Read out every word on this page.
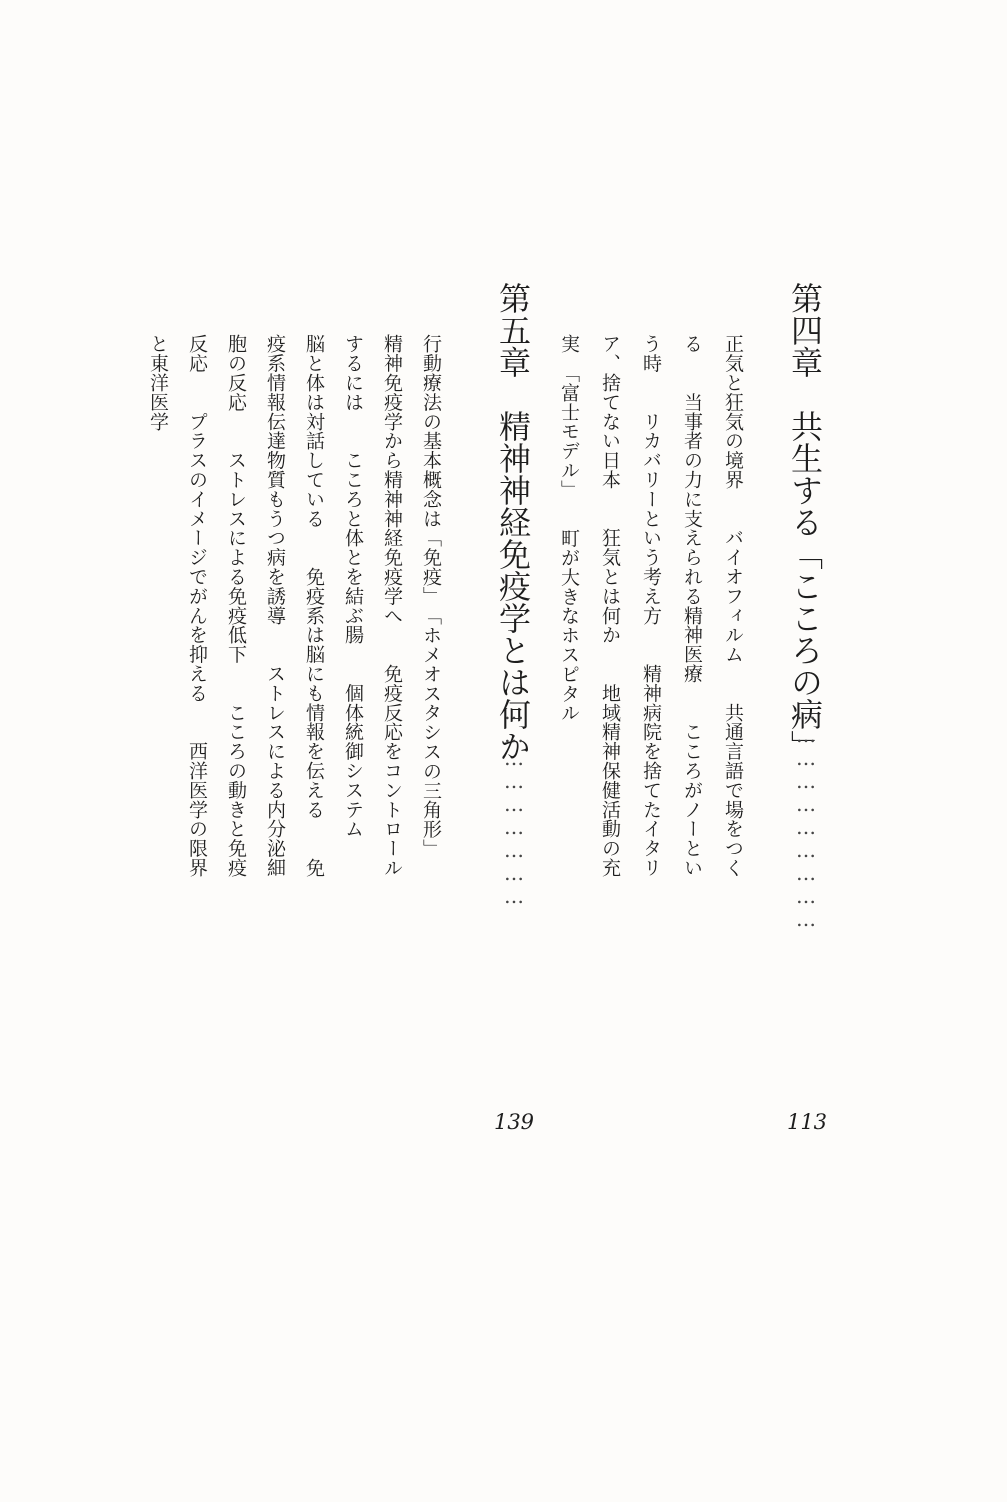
第四章　共生する「こころの病」
…………………………
113
正気と狂気の境界　　バイオフィルム　　共通言語で場をつく
る　　当事者の力に支えられる精神医療　　こころがノーとい
う時　　リカバリーという考え方　　精神病院を捨てたイタリ
ア、捨てない日本　　狂気とは何か　　地域精神保健活動の充
実　「富士モデル」　　町が大きなホスピタル
第五章　精神神経免疫学とは何か
………………………
139
行動療法の基本概念は「免疫」　「ホメオスタシスの三角形」
精神免疫学から精神神経免疫学へ　　免疫反応をコントロール
するには　　こころと体とを結ぶ腸　　個体統御システム
脳と体は対話している　　免疫系は脳にも情報を伝える　　免
疫系情報伝達物質もうつ病を誘導　　ストレスによる内分泌細
胞の反応　　ストレスによる免疫低下　　こころの動きと免疫
反応　　プラスのイメージでがんを抑える　　西洋医学の限界
と東洋医学
